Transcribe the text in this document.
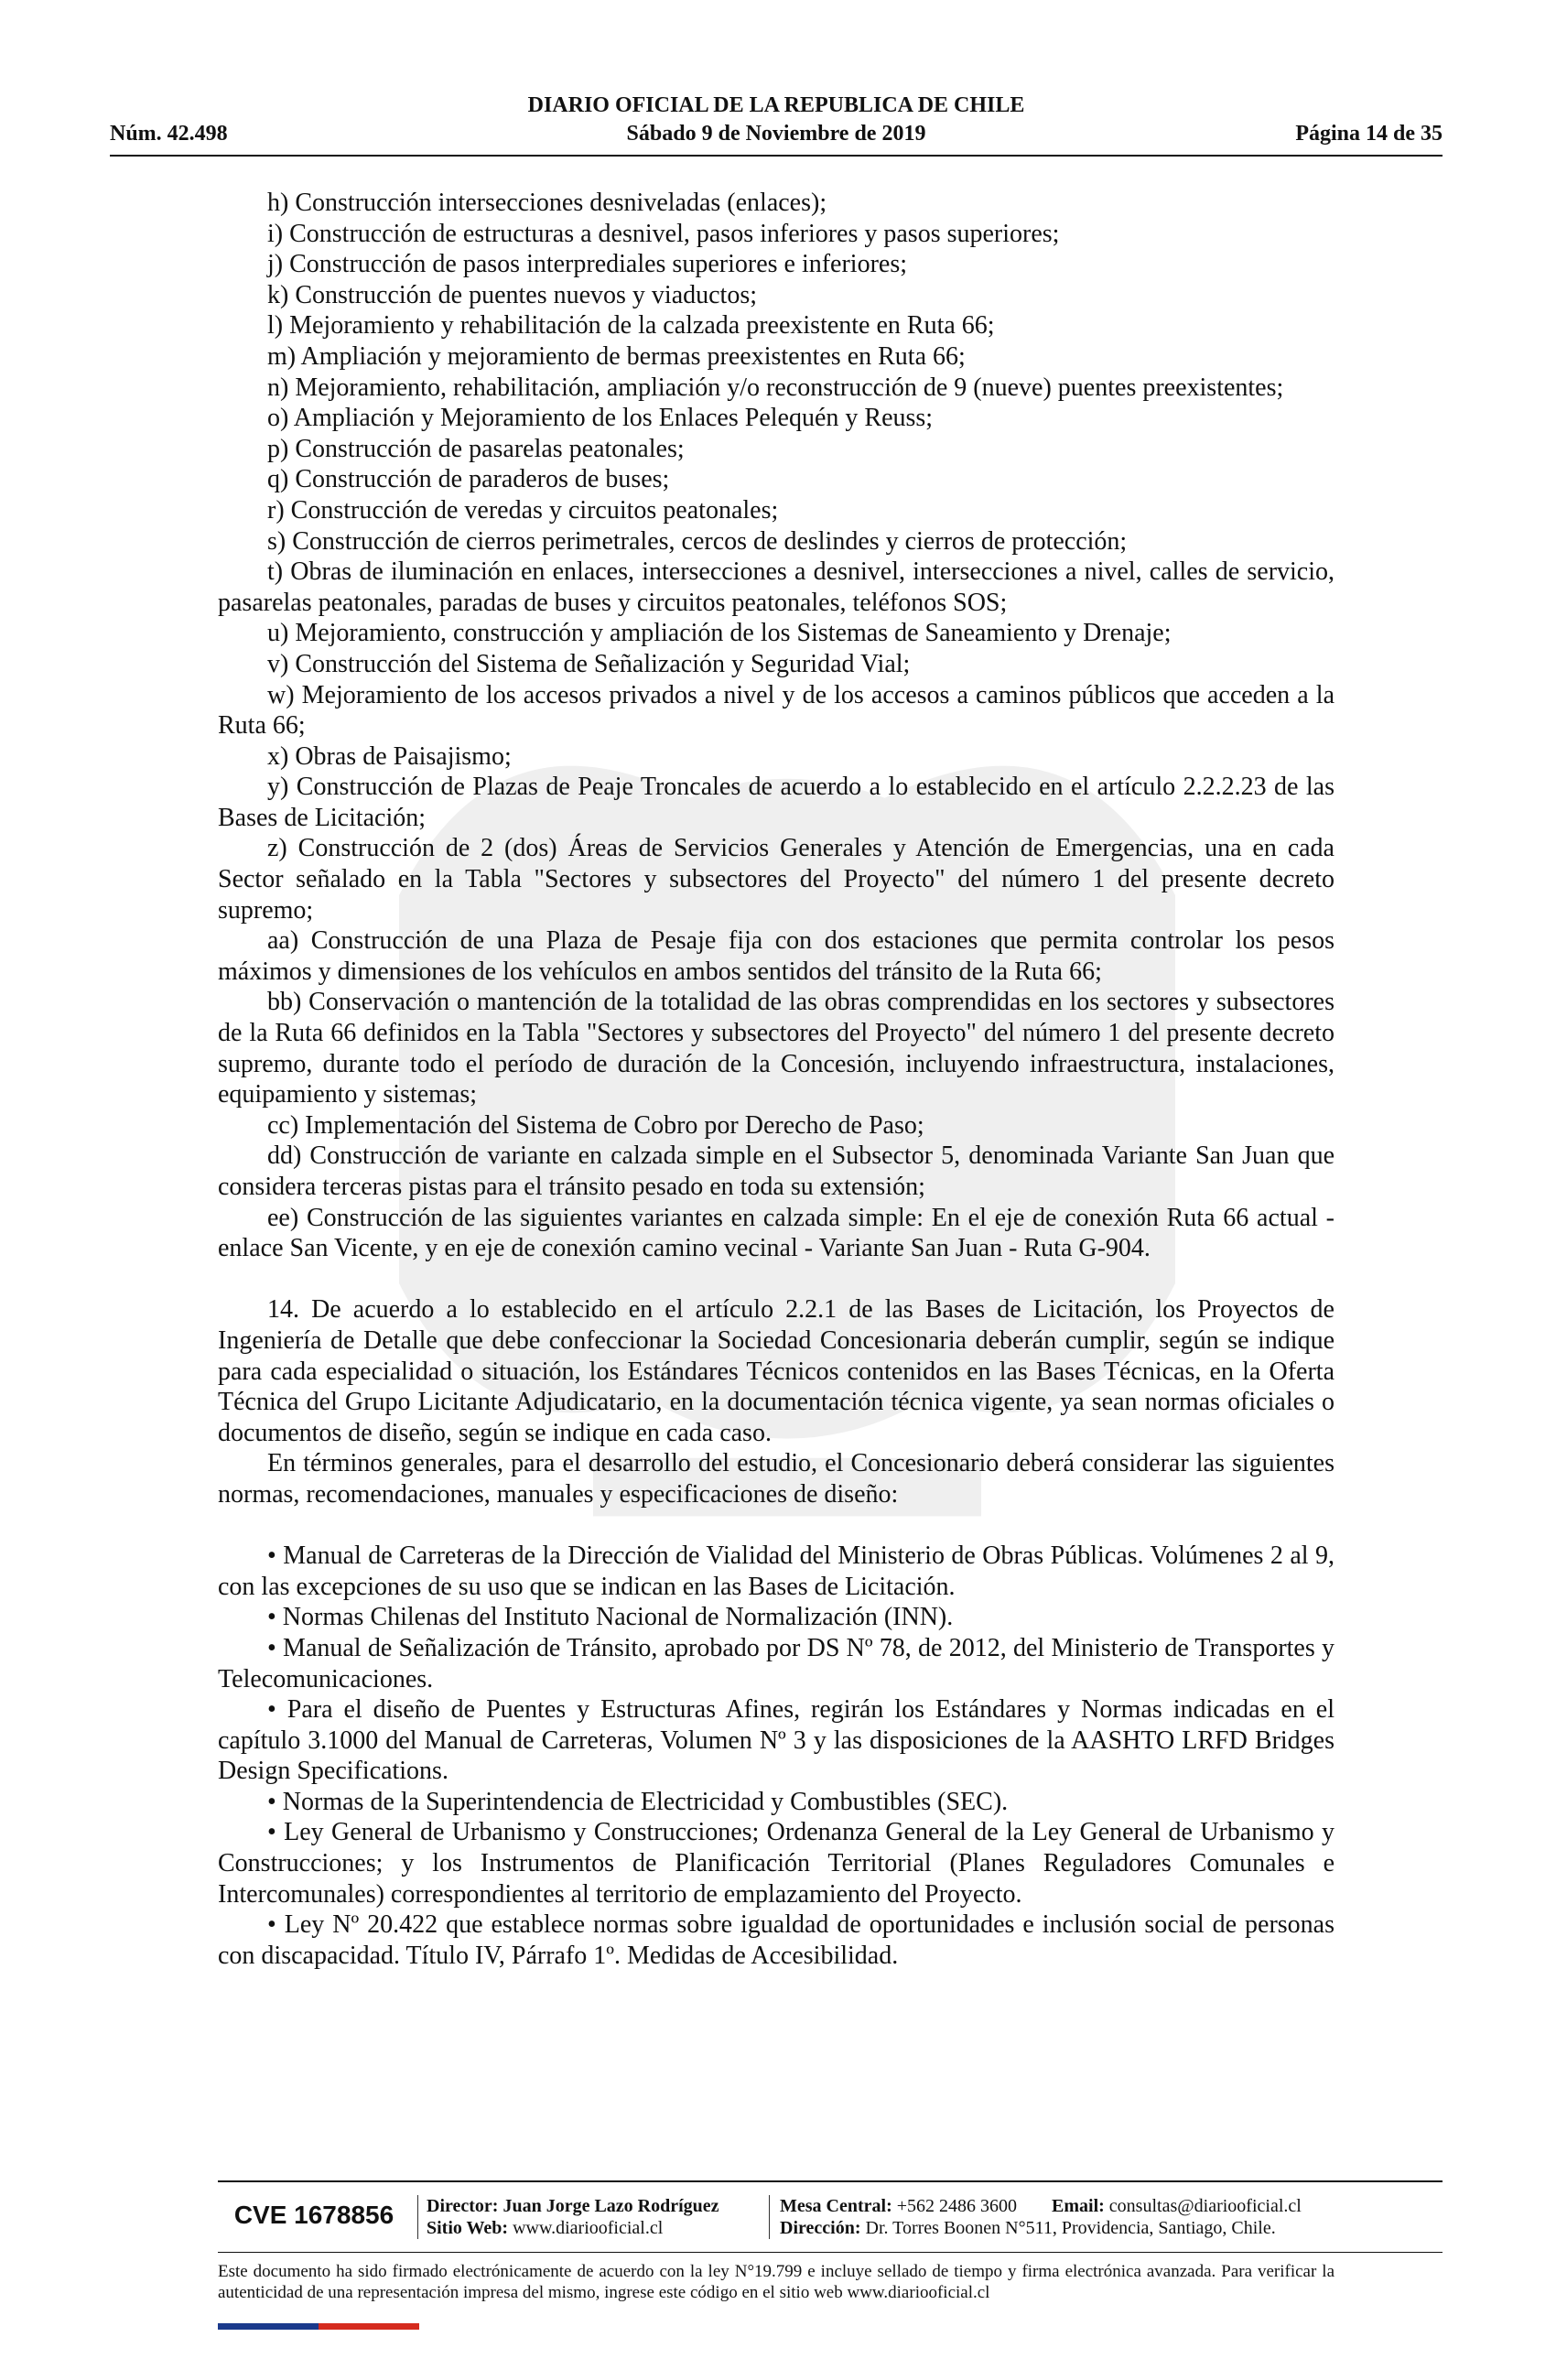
DIARIO OFICIAL DE LA REPUBLICA DE CHILE
Núm. 42.498	Sábado 9 de Noviembre de 2019	Página 14 de 35

h) Construcción intersecciones desniveladas (enlaces);

i) Construcción de estructuras a desnivel, pasos inferiores y pasos superiores;

j) Construcción de pasos interprediales superiores e inferiores;

k) Construcción de puentes nuevos y viaductos;

l) Mejoramiento y rehabilitación de la calzada preexistente en Ruta 66;

m) Ampliación y mejoramiento de bermas preexistentes en Ruta 66;

n) Mejoramiento, rehabilitación, ampliación y/o reconstrucción de 9 (nueve) puentes preexistentes;

o) Ampliación y Mejoramiento de los Enlaces Pelequén y Reuss;

p) Construcción de pasarelas peatonales;

q) Construcción de paraderos de buses;

r) Construcción de veredas y circuitos peatonales;

s) Construcción de cierros perimetrales, cercos de deslindes y cierros de protección;

t) Obras de iluminación en enlaces, intersecciones a desnivel, intersecciones a nivel, calles de servicio, pasarelas peatonales, paradas de buses y circuitos peatonales, teléfonos SOS;

u) Mejoramiento, construcción y ampliación de los Sistemas de Saneamiento y Drenaje;

v) Construcción del Sistema de Señalización y Seguridad Vial;

w) Mejoramiento de los accesos privados a nivel y de los accesos a caminos públicos que acceden a la Ruta 66;

x) Obras de Paisajismo;

y) Construcción de Plazas de Peaje Troncales de acuerdo a lo establecido en el artículo 2.2.2.23 de las Bases de Licitación;

z) Construcción de 2 (dos) Áreas de Servicios Generales y Atención de Emergencias, una en cada Sector señalado en la Tabla "Sectores y subsectores del Proyecto" del número 1 del presente decreto supremo;

aa) Construcción de una Plaza de Pesaje fija con dos estaciones que permita controlar los pesos máximos y dimensiones de los vehículos en ambos sentidos del tránsito de la Ruta 66;

bb) Conservación o mantención de la totalidad de las obras comprendidas en los sectores y subsectores de la Ruta 66 definidos en la Tabla "Sectores y subsectores del Proyecto" del número 1 del presente decreto supremo, durante todo el período de duración de la Concesión, incluyendo infraestructura, instalaciones, equipamiento y sistemas;

cc) Implementación del Sistema de Cobro por Derecho de Paso;

dd) Construcción de variante en calzada simple en el Subsector 5, denominada Variante San Juan que considera terceras pistas para el tránsito pesado en toda su extensión;

ee) Construcción de las siguientes variantes en calzada simple: En el eje de conexión Ruta 66 actual - enlace San Vicente, y en eje de conexión camino vecinal - Variante San Juan - Ruta G-904.

14. De acuerdo a lo establecido en el artículo 2.2.1 de las Bases de Licitación, los Proyectos de Ingeniería de Detalle que debe confeccionar la Sociedad Concesionaria deberán cumplir, según se indique para cada especialidad o situación, los Estándares Técnicos contenidos en las Bases Técnicas, en la Oferta Técnica del Grupo Licitante Adjudicatario, en la documentación técnica vigente, ya sean normas oficiales o documentos de diseño, según se indique en cada caso.

En términos generales, para el desarrollo del estudio, el Concesionario deberá considerar las siguientes normas, recomendaciones, manuales y especificaciones de diseño:

• Manual de Carreteras de la Dirección de Vialidad del Ministerio de Obras Públicas. Volúmenes 2 al 9, con las excepciones de su uso que se indican en las Bases de Licitación.

• Normas Chilenas del Instituto Nacional de Normalización (INN).

• Manual de Señalización de Tránsito, aprobado por DS Nº 78, de 2012, del Ministerio de Transportes y Telecomunicaciones.

• Para el diseño de Puentes y Estructuras Afines, regirán los Estándares y Normas indicadas en el capítulo 3.1000 del Manual de Carreteras, Volumen Nº 3 y las disposiciones de la AASHTO LRFD Bridges Design Specifications.

• Normas de la Superintendencia de Electricidad y Combustibles (SEC).

• Ley General de Urbanismo y Construcciones; Ordenanza General de la Ley General de Urbanismo y Construcciones; y los Instrumentos de Planificación Territorial (Planes Reguladores Comunales e Intercomunales) correspondientes al territorio de emplazamiento del Proyecto.

• Ley Nº 20.422 que establece normas sobre igualdad de oportunidades e inclusión social de personas con discapacidad. Título IV, Párrafo 1º. Medidas de Accesibilidad.

CVE 1678856	Director: Juan Jorge Lazo Rodríguez
Sitio Web: www.diariooficial.cl
Mesa Central: +562 2486 3600 Email: consultas@diariooficial.cl
Dirección: Dr. Torres Boonen N°511, Providencia, Santiago, Chile.
Este documento ha sido firmado electrónicamente de acuerdo con la ley N°19.799 e incluye sellado de tiempo y firma electrónica avanzada. Para verificar la autenticidad de una representación impresa del mismo, ingrese este código en el sitio web www.diariooficial.cl
